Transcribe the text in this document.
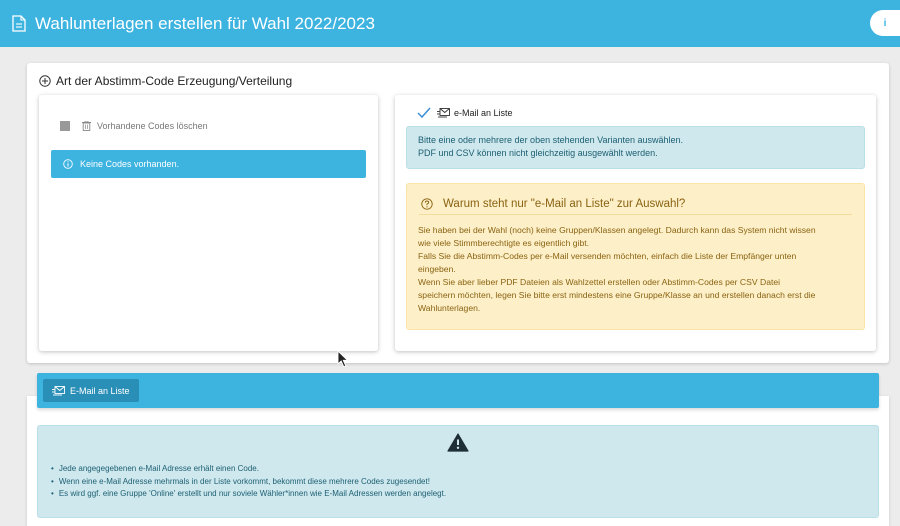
Wahlunterlagen erstellen für Wahl 2022/2023	i
Art der Abstimm-Code Erzeugung/Verteilung
Vorhandene Codes löschen
Keine Codes vorhanden.
e-Mail an Liste
Bitte eine oder mehrere der oben stehenden Varianten auswählen.
PDF und CSV können nicht gleichzeitig ausgewählt werden.
Warum steht nur "e-Mail an Liste" zur Auswahl?
Sie haben bei der Wahl (noch) keine Gruppen/Klassen angelegt. Dadurch kann das System nicht wissen
wie viele Stimmberechtigte es eigentlich gibt.
Falls Sie die Abstimm-Codes per e-Mail versenden möchten, einfach die Liste der Empfänger unten
eingeben.
Wenn Sie aber lieber PDF Dateien als Wahlzettel erstellen oder Abstimm-Codes per CSV Datei
speichern möchten, legen Sie bitte erst mindestens eine Gruppe/Klasse an und erstellen danach erst die
Wahlunterlagen.
• Jede angegegebenen e-Mail Adresse erhält einen Code.
• Wenn eine e-Mail Adresse mehrmals in der Liste vorkommt, bekommt diese mehrere Codes zugesendet!
• Es wird ggf. eine Gruppe 'Online' erstellt und nur soviele Wähler*innen wie E-Mail Adressen werden angelegt.
E-Mail an Liste
